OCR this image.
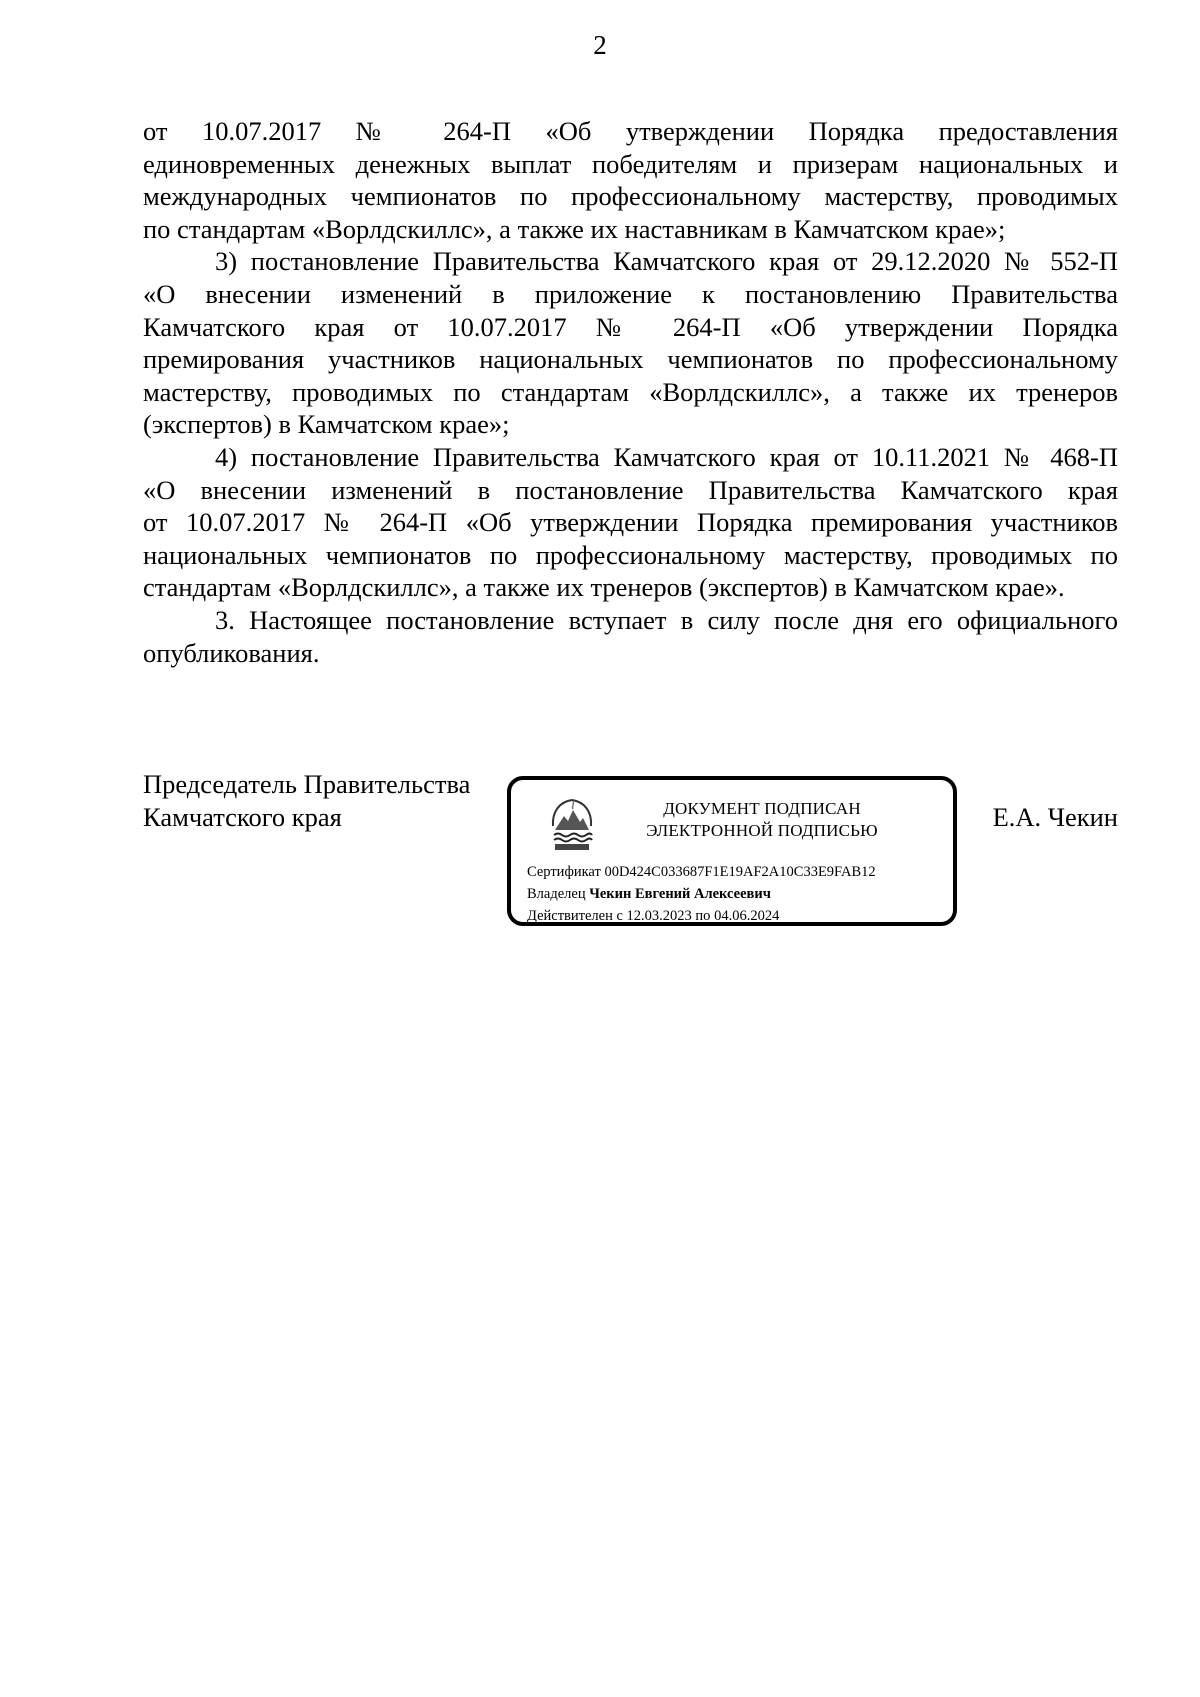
2

от 10.07.2017 № 264-П «Об утверждении Порядка предоставления
единовременных денежных выплат победителям и призерам национальных и
международных чемпионатов по профессиональному мастерству, проводимых
по стандартам «Ворлдскиллс», а также их наставникам в Камчатском крае»;

3) постановление Правительства Камчатского края от 29.12.2020 № 552-П
«О внесении изменений в приложение к постановлению Правительства
Камчатского края от 10.07.2017 № 264-П «Об утверждении Порядка
премирования участников национальных чемпионатов по профессиональному
мастерству, проводимых по стандартам «Ворлдскиллс», а также их тренеров
(экспертов) в Камчатском крае»;

4) постановление Правительства Камчатского края от 10.11.2021 № 468-П
«О внесении изменений в постановление Правительства Камчатского края
от 10.07.2017 № 264-П «Об утверждении Порядка премирования участников
национальных чемпионатов по профессиональному мастерству, проводимых по
стандартам «Ворлдскиллс», а также их тренеров (экспертов) в Камчатском крае».

3. Настоящее постановление вступает в силу после дня его официального
опубликования.

Председатель Правительства
Камчатского края	ДОКУМЕНТ ПОДПИСАН
ЭЛЕКТРОННОЙ ПОДПИСЬЮ
Сертификат 00D424C033687F1E19AF2A10C33E9FAB12
Владелец Чекин Евгений Алексеевич
Действителен с 12.03.2023 по 04.06.2024
Е.А. Чекин
